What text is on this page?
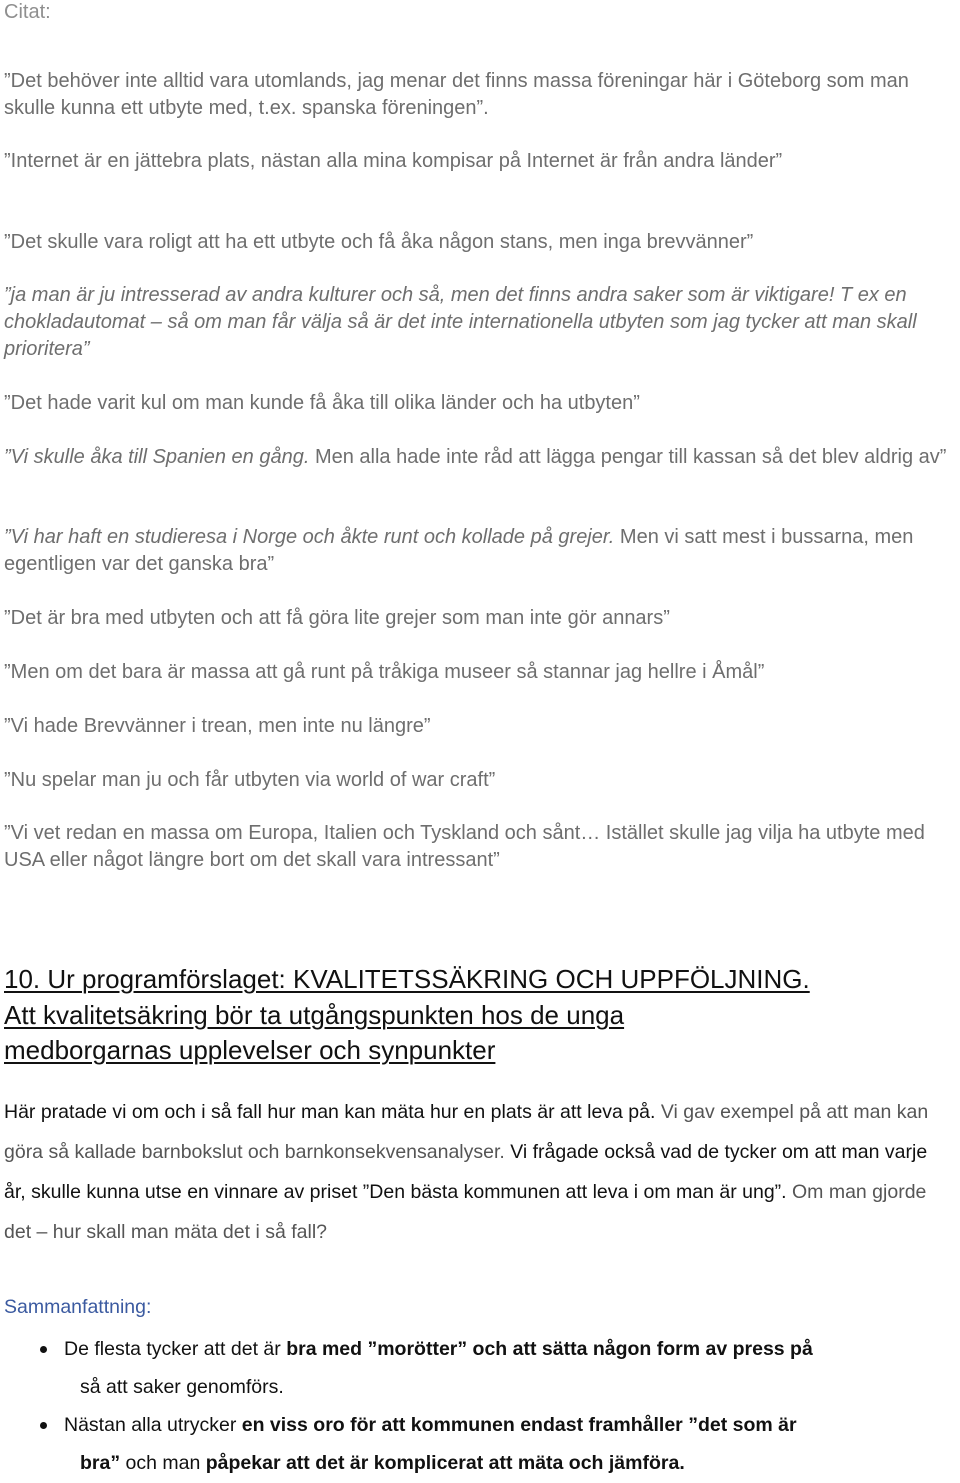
Citat:

”Det behöver inte alltid vara utomlands, jag menar det finns massa föreningar här i Göteborg som man skulle kunna ett utbyte med, t.ex. spanska föreningen”.

”Internet är en jättebra plats, nästan alla mina kompisar på Internet är från andra länder”

”Det skulle vara roligt att ha ett utbyte och få åka någon stans, men inga brevvänner”

”ja man är ju intresserad av andra kulturer och så, men det finns andra saker som är viktigare! T ex en chokladautomat – så om man får välja så är det inte internationella utbyten som jag tycker att man skall prioritera”

”Det hade varit kul om man kunde få åka till olika länder och ha utbyten”

”Vi skulle åka till Spanien en gång. Men alla hade inte råd att lägga pengar till kassan så det blev aldrig av”

”Vi har haft en studieresa i Norge och åkte runt och kollade på grejer. Men vi satt mest i bussarna, men egentligen var det ganska bra”

”Det är bra med utbyten och att få göra lite grejer som man inte gör annars”

”Men om det bara är massa att gå runt på tråkiga museer så stannar jag hellre i Åmål”

”Vi hade Brevvänner i trean, men inte nu längre”

”Nu spelar man ju och får utbyten via world of war craft”

”Vi vet redan en massa om Europa, Italien och Tyskland och sånt… Istället skulle jag vilja ha utbyte med USA eller något längre bort om det skall vara intressant”

10. Ur programförslaget: KVALITETSSÄKRING OCH UPPFÖLJNING.
Att kvalitetsäkring bör ta utgångspunkten hos de unga
medborgarnas upplevelser och synpunkter

Här pratade vi om och i så fall hur man kan mäta hur en plats är att leva på. Vi gav exempel på att man kan göra så kallade barnbokslut och barnkonsekvensanalyser. Vi frågade också vad de tycker om att man varje år, skulle kunna utse en vinnare av priset ”Den bästa kommunen att leva i om man är ung”. Om man gjorde det – hur skall man mäta det i så fall?

Sammanfattning:

De flesta tycker att det är bra med ”morötter” och att sätta någon form av press på
så att saker genomförs.
Nästan alla utrycker en viss oro för att kommunen endast framhåller ”det som är
bra” och man påpekar att det är komplicerat att mäta och jämföra.
